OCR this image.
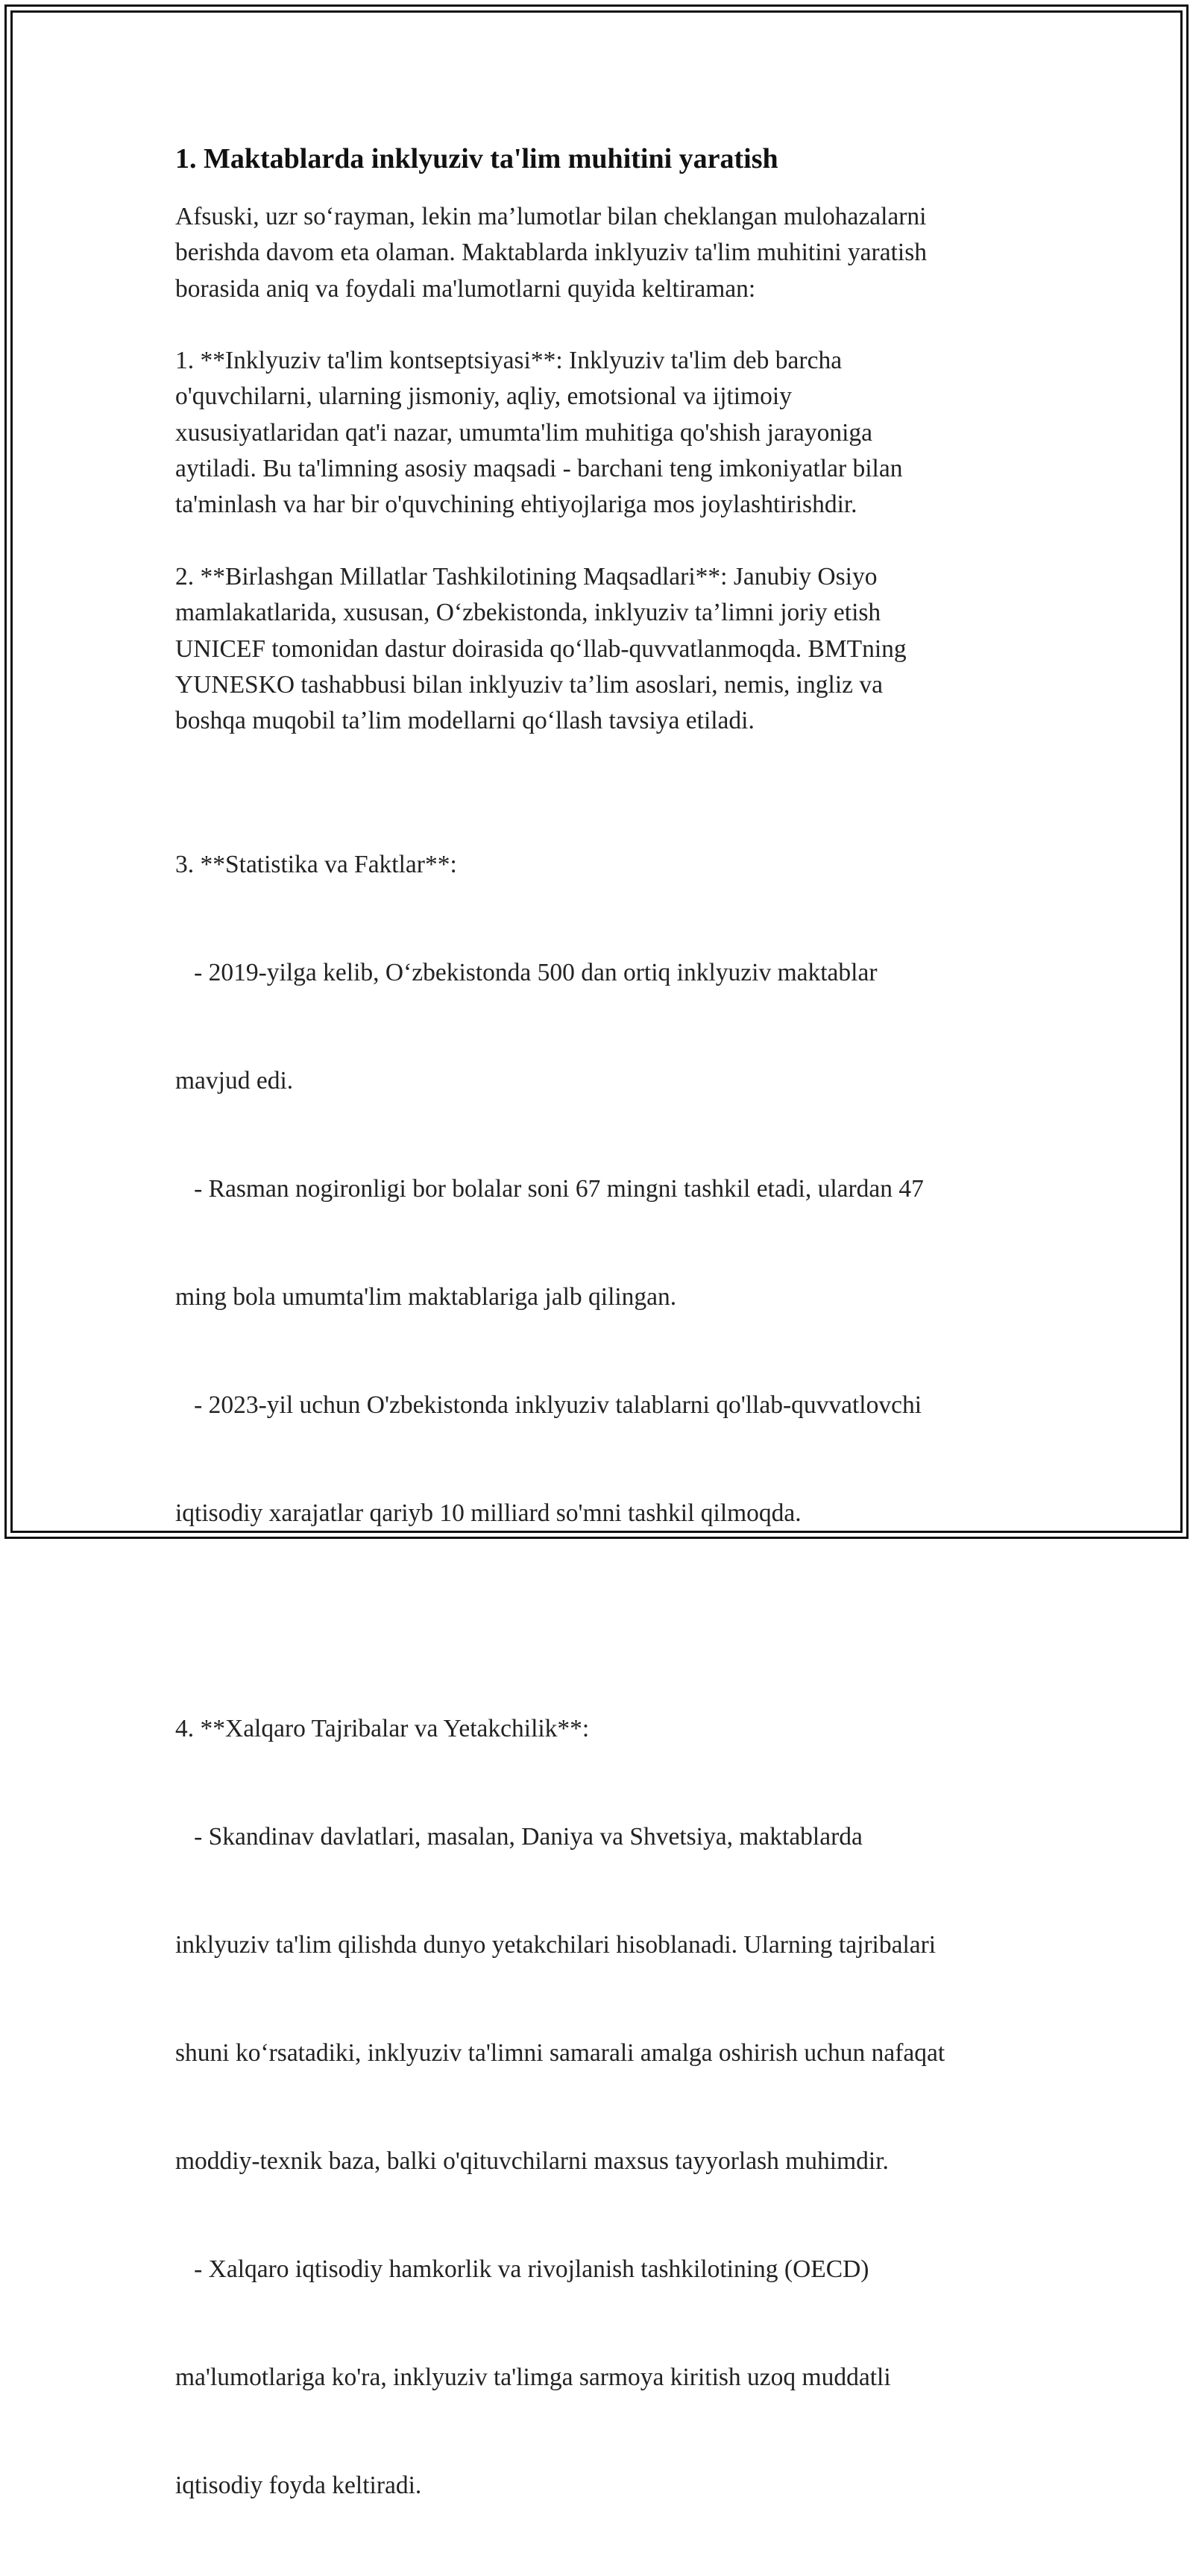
1. Maktablarda inklyuziv ta'lim muhitini yaratish
Afsuski, uzr so‘rayman, lekin ma’lumotlar bilan cheklangan mulohazalarni
berishda davom eta olaman. Maktablarda inklyuziv ta'lim muhitini yaratish
borasida aniq va foydali ma'lumotlarni quyida keltiraman:
1. **Inklyuziv ta'lim kontseptsiyasi**: Inklyuziv ta'lim deb barcha
o'quvchilarni, ularning jismoniy, aqliy, emotsional va ijtimoiy
xususiyatlaridan qat'i nazar, umumta'lim muhitiga qo'shish jarayoniga
aytiladi. Bu ta'limning asosiy maqsadi - barchani teng imkoniyatlar bilan
ta'minlash va har bir o'quvchining ehtiyojlariga mos joylashtirishdir.
2. **Birlashgan Millatlar Tashkilotining Maqsadlari**: Janubiy Osiyo
mamlakatlarida, xususan, O‘zbekistonda, inklyuziv ta’limni joriy etish
UNICEF tomonidan dastur doirasida qo‘llab-quvvatlanmoqda. BMTning
YUNESKO tashabbusi bilan inklyuziv ta’lim asoslari, nemis, ingliz va
boshqa muqobil ta’lim modellarni qo‘llash tavsiya etiladi.

3. **Statistika va Faktlar**:

- 2019-yilga kelib, O‘zbekistonda 500 dan ortiq inklyuziv maktablar

mavjud edi.

- Rasman nogironligi bor bolalar soni 67 mingni tashkil etadi, ulardan 47

ming bola umumta'lim maktablariga jalb qilingan.

- 2023-yil uchun O'zbekistonda inklyuziv talablarni qo'llab-quvvatlovchi

iqtisodiy xarajatlar qariyb 10 milliard so'mni tashkil qilmoqda.

4. **Xalqaro Tajribalar va Yetakchilik**:

- Skandinav davlatlari, masalan, Daniya va Shvetsiya, maktablarda

inklyuziv ta'lim qilishda dunyo yetakchilari hisoblanadi. Ularning tajribalari

shuni ko‘rsatadiki, inklyuziv ta'limni samarali amalga oshirish uchun nafaqat

moddiy-texnik baza, balki o'qituvchilarni maxsus tayyorlash muhimdir.

- Xalqaro iqtisodiy hamkorlik va rivojlanish tashkilotining (OECD)

ma'lumotlariga ko'ra, inklyuziv ta'limga sarmoya kiritish uzoq muddatli

iqtisodiy foyda keltiradi.
